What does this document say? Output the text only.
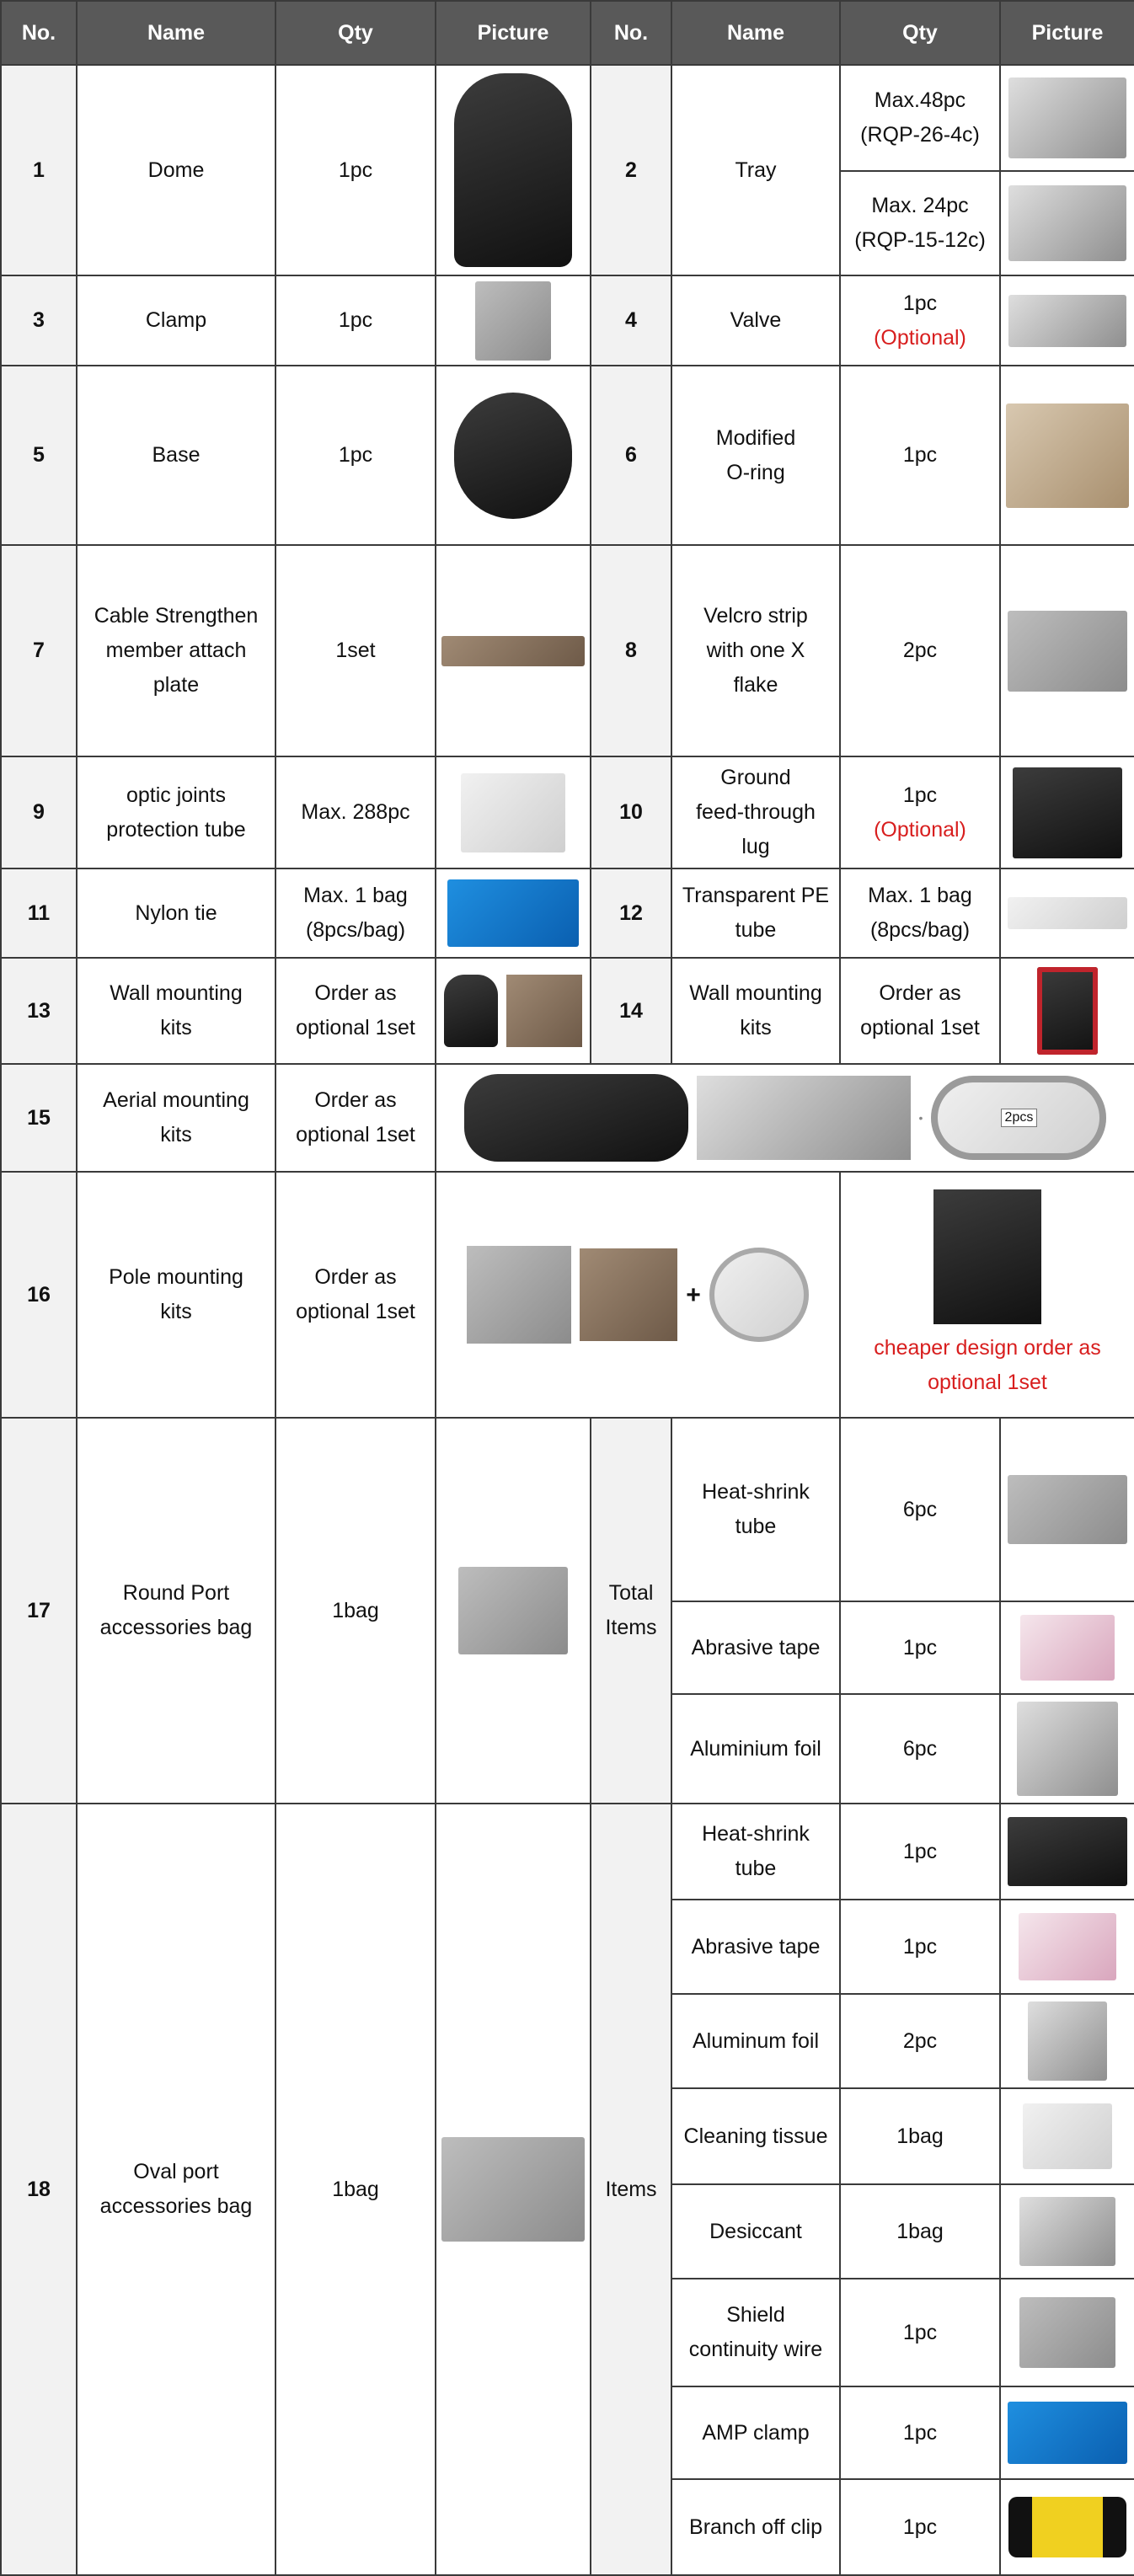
No.	Name	Qty	Picture	No.	Name	Qty	Picture
1	Dome	1pc		2	Tray	Max.48pc
(RQP-26-4c)	

						Max. 24pc
(RQP-15-12c)	

3	Clamp	1pc		4	Valve	1pc
(Optional)	

5	Base	1pc		6	Modified
O-ring	1pc	

7	Cable Strengthen
member attach
plate	1set		8	Velcro strip
with one X
flake	2pc	

9	optic joints
protection tube	Max. 288pc		10	Ground
feed-through
lug	1pc
(Optional)	

11	Nylon tie	Max. 1 bag
(8pcs/bag)		12	Transparent PE
tube	Max. 1 bag
(8pcs/bag)	

13	Wall mounting
kits	Order as
optional 1set		14	Wall mounting
kits	Order as
optional 1set	

15	Aerial mounting
kits	Order as
optional 1set	• 2pcs				

16	Pole mounting
kits	Order as
optional 1set	+			cheaper design order as
optional 1set	

17	Round Port
accessories bag	1bag		Total
Items	Heat-shrink
tube	6pc	

					Abrasive tape	1pc	

					Aluminium foil	6pc	

18	Oval port
accessories bag	1bag		Items	Heat-shrink
tube	1pc	

					Abrasive tape	1pc	

					Aluminum foil	2pc	

					Cleaning tissue	1bag	

					Desiccant	1bag	

					Shield
continuity wire	1pc	

					AMP clamp	1pc	

					Branch off clip	1pc	
